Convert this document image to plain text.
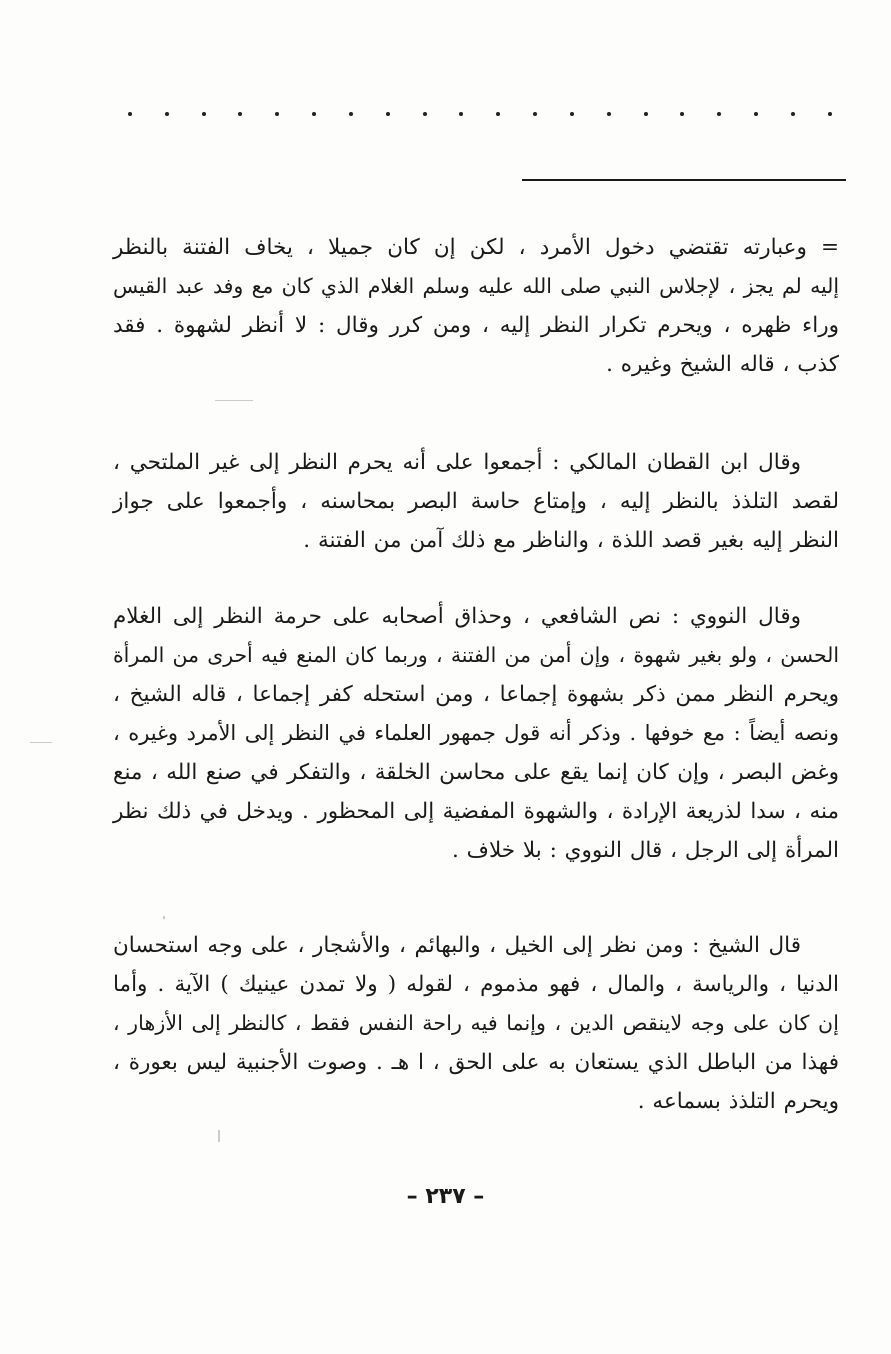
= وعبارته تقتضي دخول الأمرد ، لكن إن كان جميلا ، يخاف الفتنة بالنظر
إليه لم يجز ، لإجلاس النبي صلى الله عليه وسلم الغلام الذي كان مع وفد عبد القيس
وراء ظهره ، ويحرم تكرار النظر إليه ، ومن كرر وقال : لا أنظر لشهوة . فقد
كذب ، قاله الشيخ وغيره .
وقال ابن القطان المالكي : أجمعوا على أنه يحرم النظر إلى غير الملتحي ،
لقصد التلذذ بالنظر إليه ، وإمتاع حاسة البصر بمحاسنه ، وأجمعوا على جواز
النظر إليه بغير قصد اللذة ، والناظر مع ذلك آمن من الفتنة .
وقال النووي : نص الشافعي ، وحذاق أصحابه على حرمة النظر إلى الغلام
الحسن ، ولو بغير شهوة ، وإن أمن من الفتنة ، وربما كان المنع فيه أحرى من المرأة
ويحرم النظر ممن ذكر بشهوة إجماعا ، ومن استحله كفر إجماعا ، قاله الشيخ ،
ونصه أيضاً : مع خوفها . وذكر أنه قول جمهور العلماء في النظر إلى الأمرد وغيره ،
وغض البصر ، وإن كان إنما يقع على محاسن الخلقة ، والتفكر في صنع الله ، منع
منه ، سدا لذريعة الإرادة ، والشهوة المفضية إلى المحظور . ويدخل في ذلك نظر
المرأة إلى الرجل ، قال النووي : بلا خلاف .
قال الشيخ : ومن نظر إلى الخيل ، والبهائم ، والأشجار ، على وجه استحسان
الدنيا ، والرياسة ، والمال ، فهو مذموم ، لقوله ( ولا تمدن عينيك ) الآية . وأما
إن كان على وجه لاينقص الدين ، وإنما فيه راحة النفس فقط ، كالنظر إلى الأزهار ،
فهذا من الباطل الذي يستعان به على الحق ، ا هـ . وصوت الأجنبية ليس بعورة ،
ويحرم التلذذ بسماعه .
– ٢٣٧ –
